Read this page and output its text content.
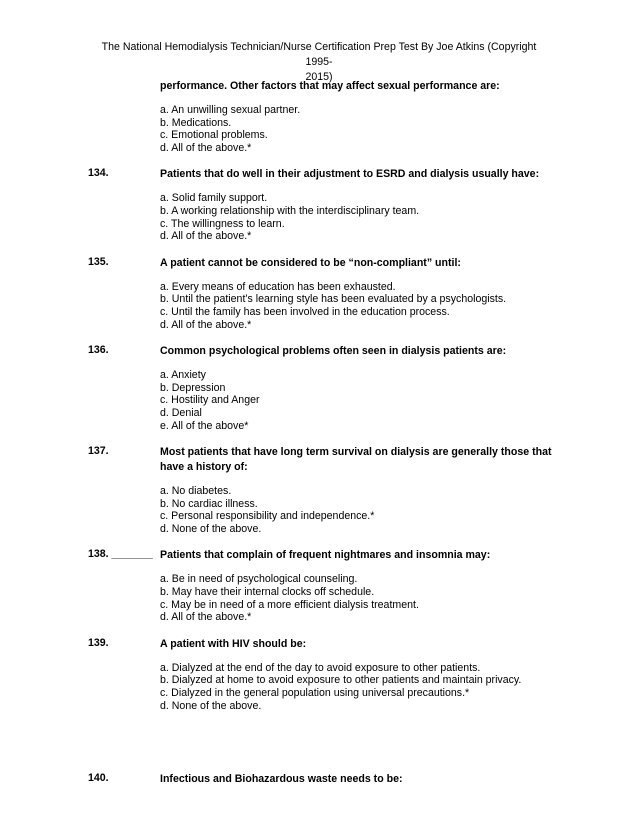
The National Hemodialysis Technician/Nurse Certification Prep Test By Joe Atkins (Copyright 1995-
2015)
performance. Other factors that may affect sexual performance are:
a. An unwilling sexual partner.
b. Medications.
c. Emotional problems.
d. All of the above.*
134.	Patients that do well in their adjustment to ESRD and dialysis usually have:
a. Solid family support.
b. A working relationship with the interdisciplinary team.
c. The willingness to learn.
d. All of the above.*
135.	A patient cannot be considered to be “non-compliant” until:
a. Every means of education has been exhausted.
b. Until the patient’s learning style has been evaluated by a psychologists.
c. Until the family has been involved in the education process.
d. All of the above.*
136.	Common psychological problems often seen in dialysis patients are:
a. Anxiety
b. Depression
c. Hostility and Anger
d. Denial
e. All of the above*
137.	Most patients that have long term survival on dialysis are generally those that have a history of:
a. No diabetes.
b. No cardiac illness.
c. Personal responsibility and independence.*
d. None of the above.
138. _______ Patients that complain of frequent nightmares and insomnia may:
a. Be in need of psychological counseling.
b. May have their internal clocks off schedule.
c. May be in need of a more efficient dialysis treatment.
d. All of the above.*
139.	A patient with HIV should be:
a. Dialyzed at the end of the day to avoid exposure to other patients.
b. Dialyzed at home to avoid exposure to other patients and maintain privacy.
c. Dialyzed in the general population using universal precautions.*
d. None of the above.
140.	Infectious and Biohazardous waste needs to be:
